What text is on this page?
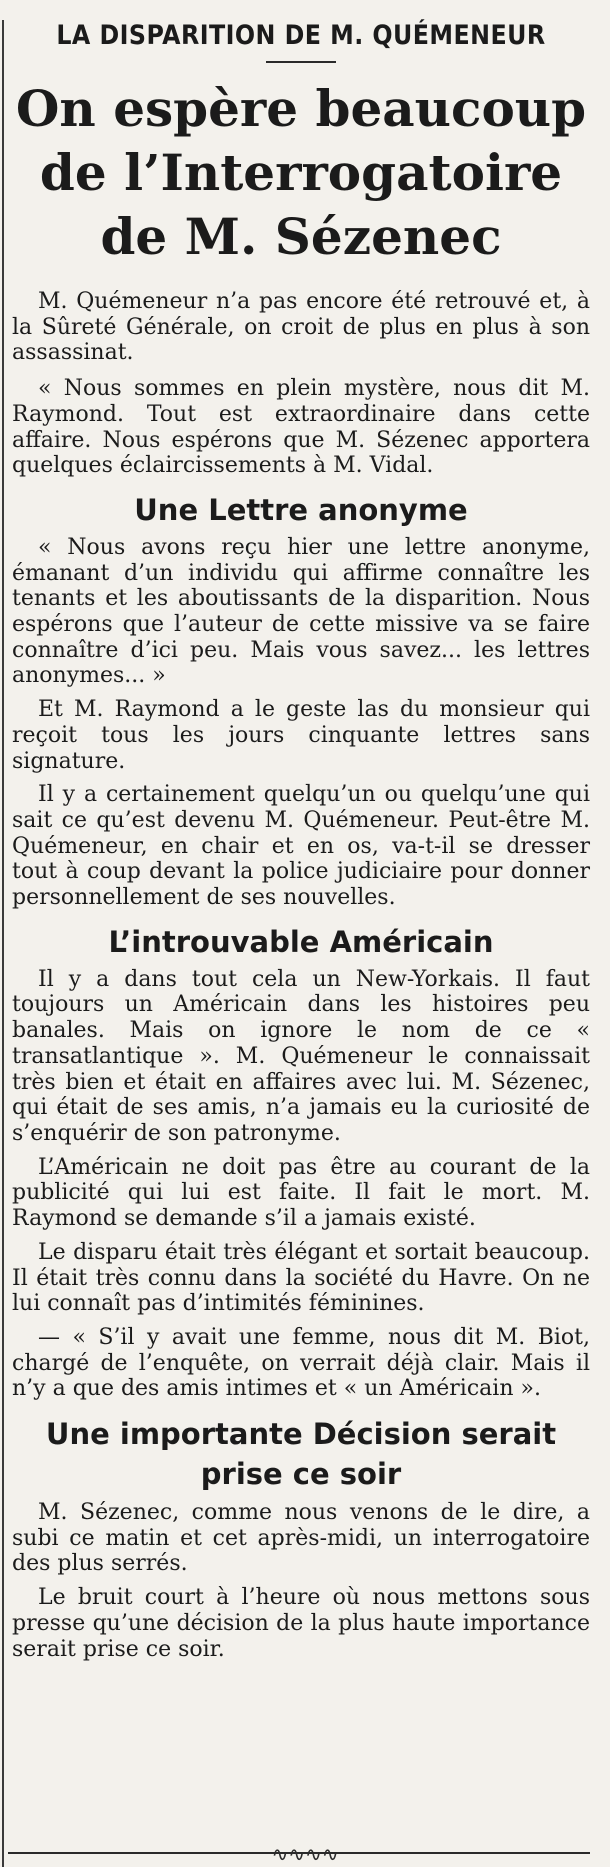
LA DISPARITION DE M. QUÉMENEUR
On espère beaucoup
de l’Interrogatoire
de M. Sézenec

M. Quémeneur n’a pas encore été retrouvé et, à la Sûreté Générale, on croit de plus en plus à son assassinat.

« Nous sommes en plein mystère, nous dit M. Raymond. Tout est extraordinaire dans cette affaire. Nous espérons que M. Sézenec apportera quelques éclaircissements à M. Vidal.

Une Lettre anonyme

« Nous avons reçu hier une lettre anonyme, émanant d’un individu qui affirme connaître les tenants et les aboutissants de la disparition. Nous espérons que l’auteur de cette missive va se faire connaître d’ici peu. Mais vous savez... les lettres anonymes... »

Et M. Raymond a le geste las du monsieur qui reçoit tous les jours cinquante lettres sans signature.

Il y a certainement quelqu’un ou quelqu’une qui sait ce qu’est devenu M. Quémeneur. Peut-être M. Quémeneur, en chair et en os, va-t-il se dresser tout à coup devant la police judiciaire pour donner personnellement de ses nouvelles.

L’introuvable Américain

Il y a dans tout cela un New-Yorkais. Il faut toujours un Américain dans les histoires peu banales. Mais on ignore le nom de ce « transatlantique ». M. Quémeneur le connaissait très bien et était en affaires avec lui. M. Sézenec, qui était de ses amis, n’a jamais eu la curiosité de s’enquérir de son patronyme.

L’Américain ne doit pas être au courant de la publicité qui lui est faite. Il fait le mort. M. Raymond se demande s’il a jamais existé.

Le disparu était très élégant et sortait beaucoup. Il était très connu dans la société du Havre. On ne lui connaît pas d’intimités féminines.

— « S’il y avait une femme, nous dit M. Biot, chargé de l’enquête, on verrait déjà clair. Mais il n’y a que des amis intimes et « un Américain ».

Une importante Décision serait prise ce soir

M. Sézenec, comme nous venons de le dire, a subi ce matin et cet après-midi, un interrogatoire des plus serrés.

Le bruit court à l’heure où nous mettons sous presse qu’une décision de la plus haute importance serait prise ce soir.

∿∿∿∿
